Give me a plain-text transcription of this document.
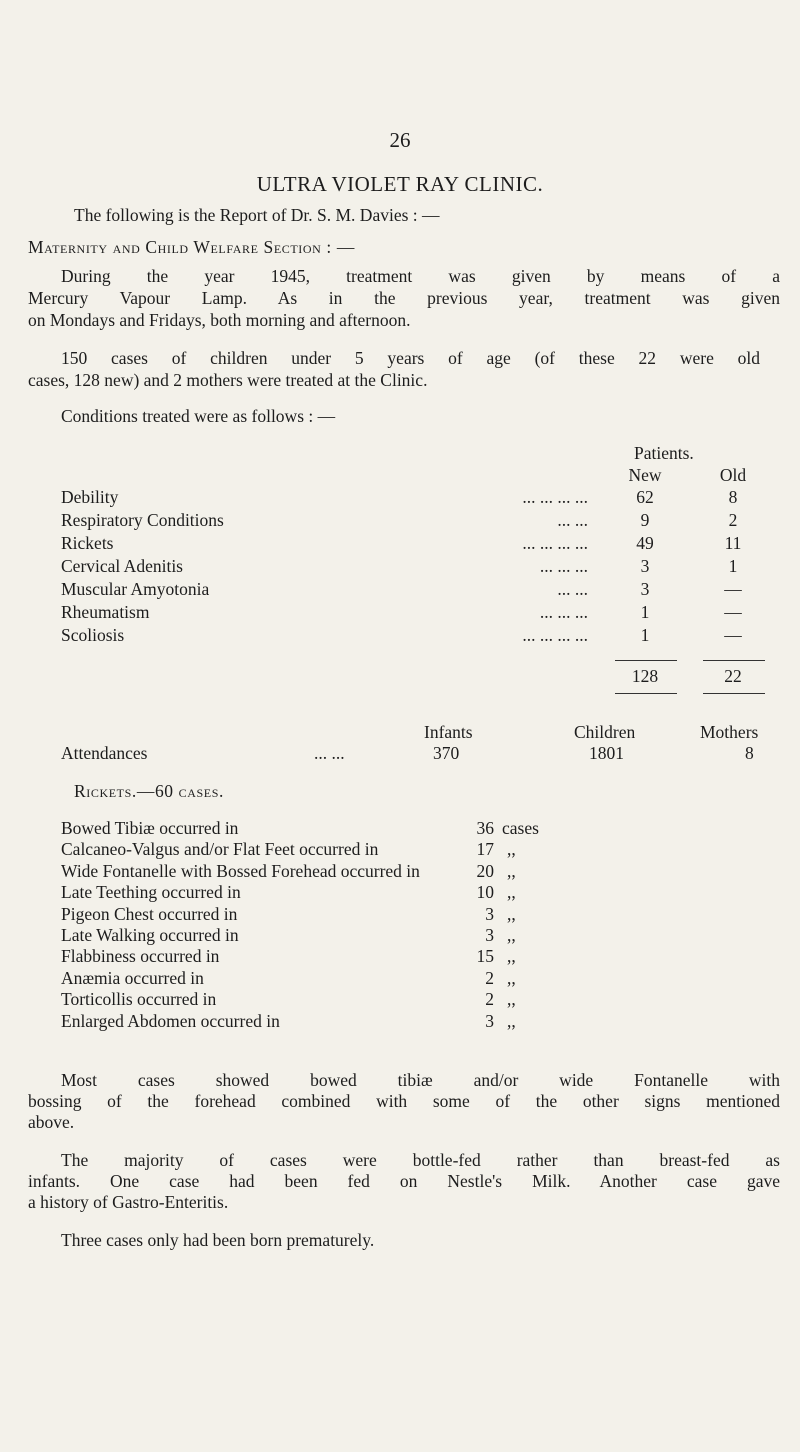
26
ULTRA VIOLET RAY CLINIC.
The following is the Report of Dr. S. M. Davies : —
Maternity and Child Welfare Section : —
During the year 1945, treatment was given by means of a
Mercury Vapour Lamp. As in the previous year, treatment was given
on Mondays and Fridays, both morning and afternoon.
150 cases of children under 5 years of age (of these 22 were old
cases, 128 new) and 2 mothers were treated at the Clinic.
Conditions treated were as follows : —
Patients.
New	Old
Debility	... ... ... ...	62	8
Respiratory Conditions	... ...	9	2
Rickets	... ... ... ...	49	11
Cervical Adenitis	... ... ...	3	1
Muscular Amyotonia	... ...	3	—
Rheumatism	... ... ...	1	—
Scoliosis	... ... ... ...	1	—
128	22
Infants	Children	Mothers
Attendances	... ...	370	1801	8
Rickets.—60 cases.
Bowed Tibiæ occurred in	36 cases
Calcaneo-Valgus and/or Flat Feet occurred in	17 ,,
Wide Fontanelle with Bossed Forehead occurred in	20 ,,
Late Teething occurred in	10 ,,
Pigeon Chest occurred in	3 ,,
Late Walking occurred in	3 ,,
Flabbiness occurred in	15 ,,
Anæmia occurred in	2 ,,
Torticollis occurred in	2 ,,
Enlarged Abdomen occurred in	3 ,,
Most cases showed bowed tibiæ and/or wide Fontanelle with
bossing of the forehead combined with some of the other signs mentioned
above.
The majority of cases were bottle-fed rather than breast-fed as
infants. One case had been fed on Nestle's Milk. Another case gave
a history of Gastro-Enteritis.
Three cases only had been born prematurely.
